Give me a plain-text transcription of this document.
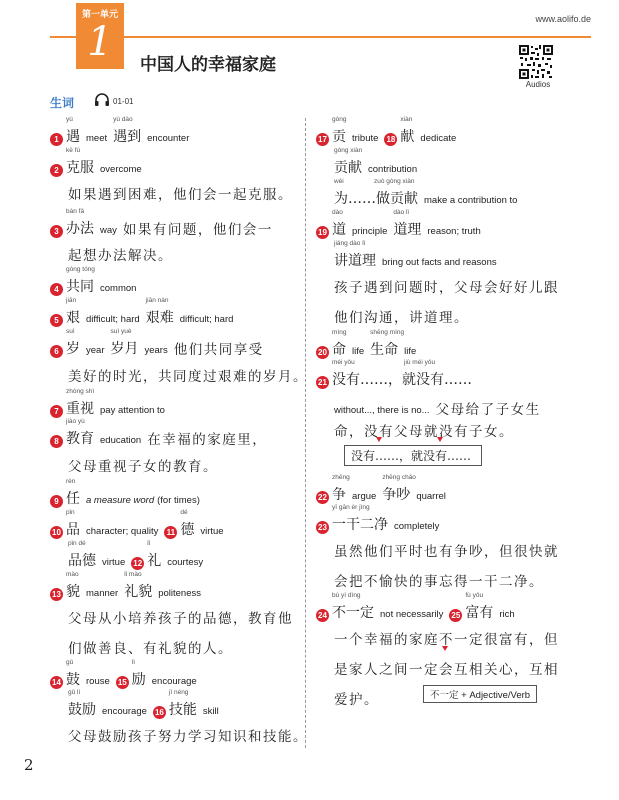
www.aolifo.de
第一单元
1	中国人的幸福家庭
Audios
生词	01-01
1
yù
遇 meet
yù dào
遇到 encounter
2
kè fú
克服 overcome
如果遇到困难，他们会一起克服。
3
bàn fǎ
办法 way 如果有问题，他们会一
起想办法解决。
4
gòng tóng
共同 common
5
jiān
艰 difficult; hard
jiān nán
艰难 difficult; hard
6
suì
岁 year
suì yuè
岁月 years 他们共同享受
美好的时光，共同度过艰难的岁月。
7
zhòng shì
重视 pay attention to
8
jiào yù
教育 education 在幸福的家庭里，
父母重视子女的教育。
9
rèn
任 a measure word (for times)
10
pǐn
品 character; quality 11
dé
德 virtue
pǐn dé
品德 virtue 12
lǐ
礼 courtesy
13
mào
貌 manner
lǐ mào
礼貌 politeness
父母从小培养孩子的品德，教育他
们做善良、有礼貌的人。
14
gǔ
鼓 rouse 15
lì
励 encourage
gǔ lì
鼓励 encourage 16
jì néng
技能 skill
父母鼓励孩子努力学习知识和技能。
17
gòng
贡 tribute 18
xiàn
献 dedicate
gòng xiàn
贡献 contribution
wèi	zuò gòng xiàn
为……做贡献 make a contribution to
19
dào
道 principle
dào lǐ
道理 reason; truth
jiǎng dào lǐ
讲道理 bring out facts and reasons
孩子遇到问题时，父母会好好儿跟
他们沟通，讲道理。
20
mìng
命 life
shēng mìng
生命 life
21
méi yǒu	jiù méi yǒu
没有……，就没有……
without..., there is no... 父母给了子女生
命，没有父母就没有子女。
没有……，就没有……
22
zhēng
争 argue
zhēng chǎo
争吵 quarrel
23
yī gān èr jìng
一干二净 completely
虽然他们平时也有争吵，但很快就
会把不愉快的事忘得一干二净。
24
bù yí dìng
不一定 not necessarily 25
fù yǒu
富有 rich
一个幸福的家庭不一定很富有，但
是家人之间一定会互相关心，互相
爱护。	不一定 + Adjective/Verb
2
